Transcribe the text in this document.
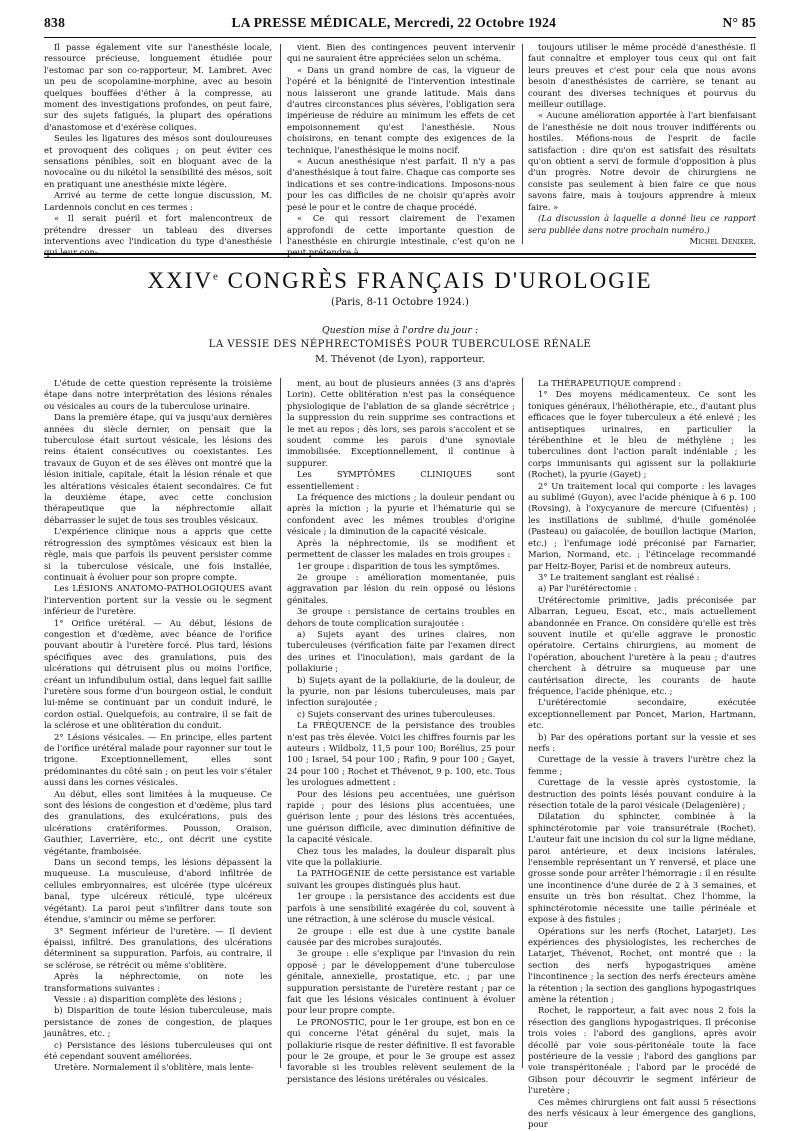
838	LA PRESSE MÉDICALE, Mercredi, 22 Octobre 1924	N° 85

Il passe également vite sur l'anesthésie locale, ressource précieuse, longuement étudiée pour l'estomac par son co-rapporteur, M. Lambret. Avec un peu de scopolamine-morphine, avec au besoin quelques bouffées d'éther à la compresse, au moment des investigations profondes, on peut faire, sur des sujets fatigués, la plupart des opérations d'anastomose et d'exérèse coliques.

Seules les ligatures des mésos sont douloureuses et provoquent des coliques ; on peut éviter ces sensations pénibles, soit en bloquant avec de la novocaïne ou du nikétol la sensibilité des mésos, soit en pratiquant une anesthésie mixte légère.

Arrivé au terme de cette longue discussion, M. Lardennois conclut en ces termes :

« Il serait puéril et fort malencontreux de prétendre dresser un tableau des diverses interventions avec l'indication du type d'anesthésie qui leur con-

vient. Bien des contingences peuvent intervenir qui ne sauraient être appréciées selon un schéma.

« Dans un grand nombre de cas, la vigueur de l'opéré et la bénignité de l'intervention intestinale nous laisseront une grande latitude. Mais dans d'autres circonstances plus sévères, l'obligation sera impérieuse de réduire au minimum les effets de cet empoisonnement qu'est l'anesthésie. Nous choisirons, en tenant compte des exigences de la technique, l'anesthésique le moins nocif.

« Aucun anesthésique n'est parfait. Il n'y a pas d'anesthésique à tout faire. Chaque cas comporte ses indications et ses contre-indications. Imposons-nous pour les cas difficiles de ne choisir qu'après avoir pesé le pour et le contre de chaque procédé.

« Ce qui ressort clairement de l'examen approfondi de cette importante question de l'anesthésie en chirurgie intestinale, c'est qu'on ne peut prétendre à

toujours utiliser le même procédé d'anesthésie. Il faut connaître et employer tous ceux qui ont fait leurs preuves et c'est pour cela que nous avons besoin d'anesthésistes de carrière, se tenant au courant des diverses techniques et pourvus du meilleur outillage.

« Aucune amélioration apportée à l'art bienfaisant de l'anesthésie ne doit nous trouver indifférents ou hostiles. Méfions-nous de l'esprit de facile satisfaction : dire qu'on est satisfait des résultats qu'on obtient a servi de formule d'opposition à plus d'un progrès. Notre devoir de chirurgiens ne consiste pas seulement à bien faire ce que nous savons faire, mais à toujours apprendre à mieux faire. »

(La discussion à laquelle a donné lieu ce rapport sera publiée dans notre prochain numéro.)

Michel Deniker.

XXIVe CONGRÈS FRANÇAIS D'UROLOGIE
(Paris, 8-11 Octobre 1924.)
Question mise à l'ordre du jour :
LA VESSIE DES NÉPHRECTOMISÉS POUR TUBERCULOSE RÉNALE
M. Thévenot (de Lyon), rapporteur.

L'étude de cette question représente la troisième étape dans notre interprétation des lésions rénales ou vésicales au cours de la tuberculose urinaire.

Dans la première étape, qui va jusqu'aux dernières années du siècle dernier, on pensait que la tuberculose était surtout vésicale, les lésions des reins étaient consécutives ou coexistantes. Les travaux de Guyon et de ses élèves ont montré que la lésion initiale, capitale, était la lésion rénale et que les altérations vésicales étaient secondaires. Ce fut la deuxième étape, avec cette conclusion thérapeutique que la néphrectomie allait débarrasser le sujet de tous ses troubles vésicaux.

L'expérience clinique nous a appris que cette rétrogression des symptômes vésicaux est bien la règle, mais que parfois ils peuvent persister comme si la tuberculose vésicale, une fois installée, continuait à évoluer pour son propre compte.

Les LÉSIONS ANATOMO-PATHOLOGIQUES avant l'intervention portent sur la vessie ou le segment inférieur de l'uretère.

1° Orifice urétéral. — Au début, lésions de congestion et d'œdème, avec béance de l'orifice pouvant aboutir à l'uretère forcé. Plus tard, lésions spécifiques avec des granulations, puis des ulcérations qui détruisent plus ou moins l'orifice, créant un infundibulum ostial, dans lequel fait saillie l'uretère sous forme d'un bourgeon ostial, le conduit lui-même se continuant par un conduit induré, le cordon ostial. Quelquefois, au contraire, il se fait de la sclérose et une oblitération du conduit.

2° Lésions vésicales. — En principe, elles partent de l'orifice urétéral malade pour rayonner sur tout le trigone. Exceptionnellement, elles sont prédominantes du côté sain ; on peut les voir s'étaler aussi dans les cornes vésicales.

Au début, elles sont limitées à la muqueuse. Ce sont des lésions de congestion et d'œdème, plus tard des granulations, des exulcérations, puis des ulcérations cratériformes. Pousson, Oraison, Gauthier, Laverrière, etc., ont décrit une cystite végétante, framboisée.

Dans un second temps, les lésions dépassent la muqueuse. La musculeuse, d'abord infiltrée de cellules embryonnaires, est ulcérée (type ulcéreux banal, type ulcéreux réticulé, type ulcéreux végétant). La paroi peut s'infiltrer dans toute son étendue, s'amincir ou même se perforer.

3° Segment inférieur de l'uretère. — Il devient épaissi, infiltré. Des granulations, des ulcérations déterminent sa suppuration. Parfois, au contraire, il se sclérose, se rétrécit ou même s'oblitère.

Après la néphrectomie, on note les transformations suivantes :

Vessie : a) disparition complète des lésions ;

b) Disparition de toute lésion tuberculeuse, mais persistance de zones de congestion, de plaques jaunâtres, etc. ;

c) Persistance des lésions tuberculeuses qui ont été cependant souvent améliorées.

Uretère. Normalement il s'oblitère, mais lente-

ment, au bout de plusieurs années (3 ans d'après Lorin). Cette oblitération n'est pas la conséquence physiologique de l'ablation de sa glande sécrétrice ; la suppression du rein supprime ses contractions et le met au repos ; dès lors, ses parois s'accolent et se soudent comme les parois d'une synoviale immobilisée. Exceptionnellement, il continue à suppurer.

Les SYMPTÔMES CLINIQUES sont essentiellement :

La fréquence des mictions ; la douleur pendant ou après la miction ; la pyurie et l'hématurie qui se confondent avec les mêmes troubles d'origine vésicale ; la diminution de la capacité vésicale.

Après la néphrectomie, ils se modifient et permettent de classer les malades en trois groupes :

1er groupe : disparition de tous les symptômes.

2e groupe : amélioration momentanée, puis aggravation par lésion du rein opposé ou lésions génitales.

3e groupe : persistance de certains troubles en dehors de toute complication surajoutée :

a) Sujets ayant des urines claires, non tuberculeuses (vérification faite par l'examen direct des urines et l'inoculation), mais gardant de la pollakiurie ;

b) Sujets ayant de la pollakiurie, de la douleur, de la pyurie, non par lésions tuberculeuses, mais par infection surajoutée ;

c) Sujets conservant des urines tuberculeuses.

La FRÉQUENCE de la persistance des troubles n'est pas très élevée. Voici les chiffres fournis par les auteurs : Wildbolz, 11,5 pour 100; Borélius, 25 pour 100 ; Israel, 54 pour 100 ; Rafin, 9 pour 100 ; Gayet, 24 pour 100 ; Rochet et Thévenot, 9 p. 100, etc. Tous les urologues admettent :

Pour des lésions peu accentuées, une guérison rapide ; pour des lésions plus accentuées, une guérison lente ; pour des lésions très accentuées, une guérison difficile, avec diminution définitive de la capacité vésicale.

Chez tous les malades, la douleur disparaît plus vite que la pollakiurie.

La PATHOGÉNIE de cette persistance est variable suivant les groupes distingués plus haut.

1er groupe : la persistance des accidents est due parfois à une sensibilité exagérée du col, souvent à une rétraction, à une sclérose du muscle vésical.

2e groupe : elle est due à une cystite banale causée par des microbes surajoutés.

3e groupe : elle s'explique par l'invasion du rein opposé ; par le développement d'une tuberculose génitale, annexielle, prostatique, etc. ; par une suppuration persistante de l'uretère restant ; par ce fait que les lésions vésicales continuent à évoluer pour leur propre compte.

Le PRONOSTIC, pour le 1er groupe, est bon en ce qui concerne l'état général du sujet, mais la pollakiurie risque de rester définitive. Il est favorable pour le 2e groupe, et pour le 3e groupe est assez favorable si les troubles relèvent seulement de la persistance des lésions urétérales ou vésicales.

La THÉRAPEUTIQUE comprend :

1° Des moyens médicamenteux. Ce sont les toniques généraux, l'héliothérapie, etc., d'autant plus efficaces que le foyer tuberculeux a été enlevé ; les antiseptiques urinaires, en particulier la térébenthine et le bleu de méthylène ; les tuberculines dont l'action paraît indéniable ; les corps immunisants qui agissent sur la pollakiurie (Rochet), la pyurie (Gayet) ;

2° Un traitement local qui comporte : les lavages au sublimé (Guyon), avec l'acide phénique à 6 p. 100 (Rovsing), à l'oxycyanure de mercure (Cifuentès) ; les instillations de sublimé, d'huile goménolée (Pasteau) ou gaïacolée, de bouillon lactique (Marion, etc.) ; l'enfumage iodé préconisé par Farnarier, Marion, Normand, etc. ; l'étincelage recommandé par Heitz-Boyer, Parisi et de nombreux auteurs.

3° Le traitement sanglant est réalisé :

a) Par l'urétérectomie :

Urétérectomie primitive, jadis préconisée par Albarran, Legueu, Escat, etc., mais actuellement abandonnée en France. On considère qu'elle est très souvent inutile et qu'elle aggrave le pronostic opératoire. Certains chirurgiens, au moment de l'opération, abouchent l'uretère à la peau ; d'autres cherchent à détruire sa muqueuse par une cautérisation directe, les courants de haute fréquence, l'acide phénique, etc. ;

L'urétérectomie secondaire, exécutée exceptionnellement par Poncet, Marion, Hartmann, etc.

b) Par des opérations portant sur la vessie et ses nerfs :

Curettage de la vessie à travers l'urètre chez la femme ;

Curettage de la vessie après cystostomie, la destruction des points lésés pouvant conduire à la résection totale de la paroi vésicale (Delagenière) ;

Dilatation du sphincter, combinée à la sphinctérotomie par voie transurétrale (Rochet). L'auteur fait une incision du col sur la ligne médiane, paroi antérieure, et deux incisions latérales, l'ensemble représentant un Y renversé, et place une grosse sonde pour arrêter l'hémorragie : il en résulte une incontinence d'une durée de 2 à 3 semaines, et ensuite un très bon résultat. Chez l'homme, la sphinctérotomie nécessite une taille périnéale et expose à des fistules ;

Opérations sur les nerfs (Rochet, Latarjet). Les expériences des physiologistes, les recherches de Latarjet, Thévenot, Rochet, ont montré que : la section des nerfs hypogastriques amène l'incontinence ; la section des nerfs érecteurs amène la rétention ; la section des ganglions hypogastriques amène la rétention ;

Rochet, le rapporteur, a fait avec nous 2 fois la résection des ganglions hypogastriques. Il préconise trois voies : l'abord des ganglions, après avoir décollé par voie sous-péritonéale toute la face postérieure de la vessie ; l'abord des ganglions par voie transpéritonéale ; l'abord par le procédé de Gibson pour découvrir le segment inférieur de l'uretère ;

Ces mêmes chirurgiens ont fait aussi 5 résections des nerfs vésicaux à leur émergence des ganglions, pour
